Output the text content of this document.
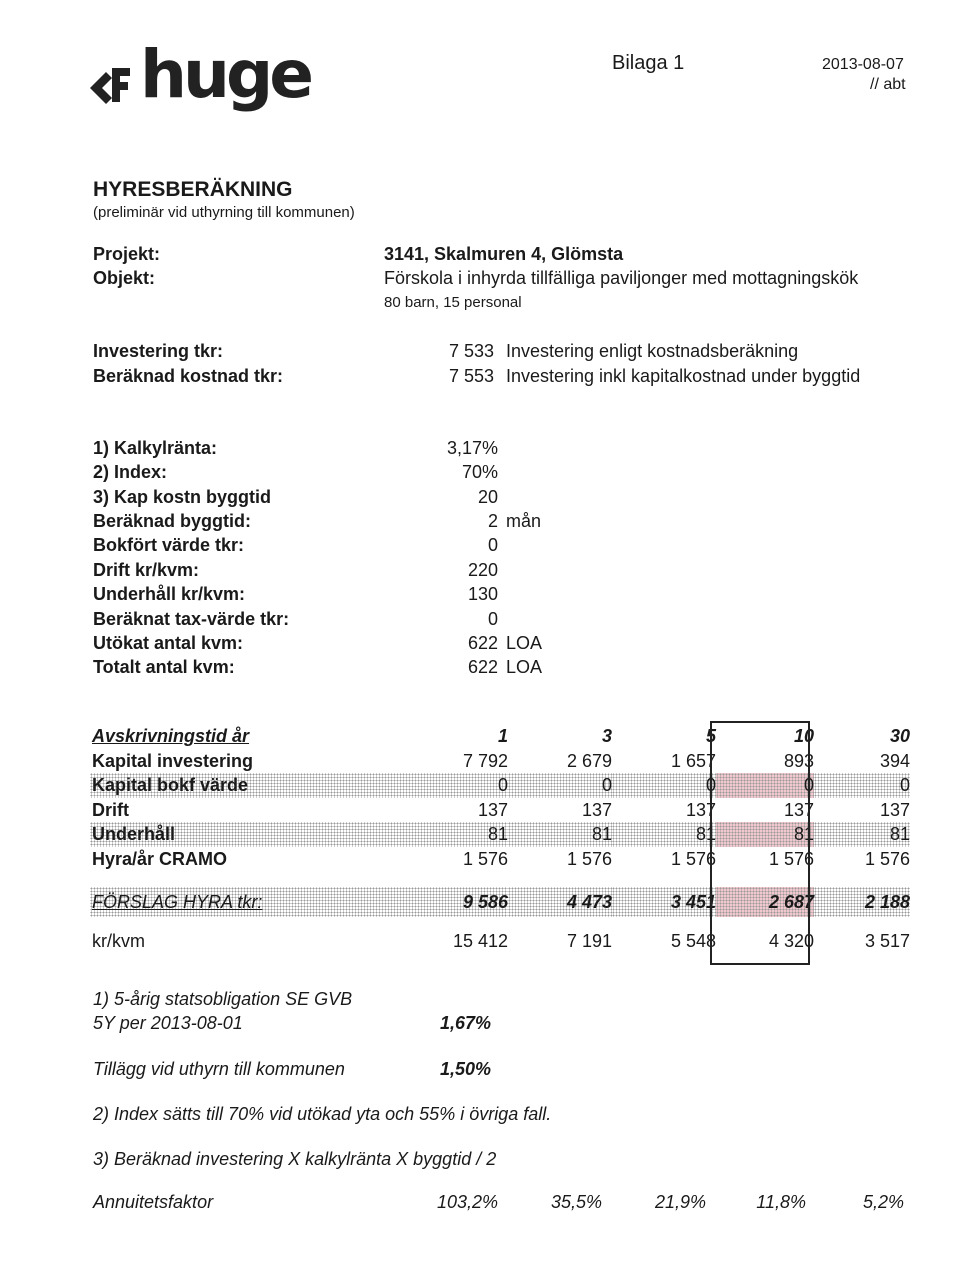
huge	Bilaga 1	2013-08-07
// abt
HYRESBERÄKNING
(preliminär vid uthyrning till kommunen)
Projekt:	3141, Skalmuren 4, Glömsta
Objekt:	Förskola i inhyrda tillfälliga paviljonger med mottagningskök
80 barn, 15 personal
Investering tkr:	7 533 Investering enligt kostnadsberäkning
Beräknad kostnad tkr:	7 553 Investering inkl kapitalkostnad under byggtid
1) Kalkylränta:	3,17%
2) Index:	70%
3) Kap kostn byggtid	20
Beräknad byggtid:	2 mån
Bokfört värde tkr:	0
Drift kr/kvm:	220
Underhåll kr/kvm:	130
Beräknat tax-värde tkr:	0
Utökat antal kvm:	622 LOA
Totalt antal kvm:	622 LOA
Avskrivningstid år	1	3	5	10	30
Kapital investering	7 792	2 679	1 657	893	394
Kapital bokf värde	0	0	0	0	0
Drift	137	137	137	137	137
Underhåll	81	81	81	81	81
Hyra/år CRAMO	1 576	1 576	1 576	1 576	1 576

FÖRSLAG HYRA tkr:	9 586	4 473	3 451	2 687	2 188

kr/kvm	15 412	7 191	5 548	4 320	3 517
1) 5-årig statsobligation SE GVB
5Y per 2013-08-01	1,67%
Tillägg vid uthyrn till kommunen	1,50%
2) Index sätts till 70% vid utökad yta och 55% i övriga fall.
3) Beräknad investering X kalkylränta X byggtid / 2
Annuitetsfaktor	103,2%	35,5%	21,9%	11,8%	5,2%
